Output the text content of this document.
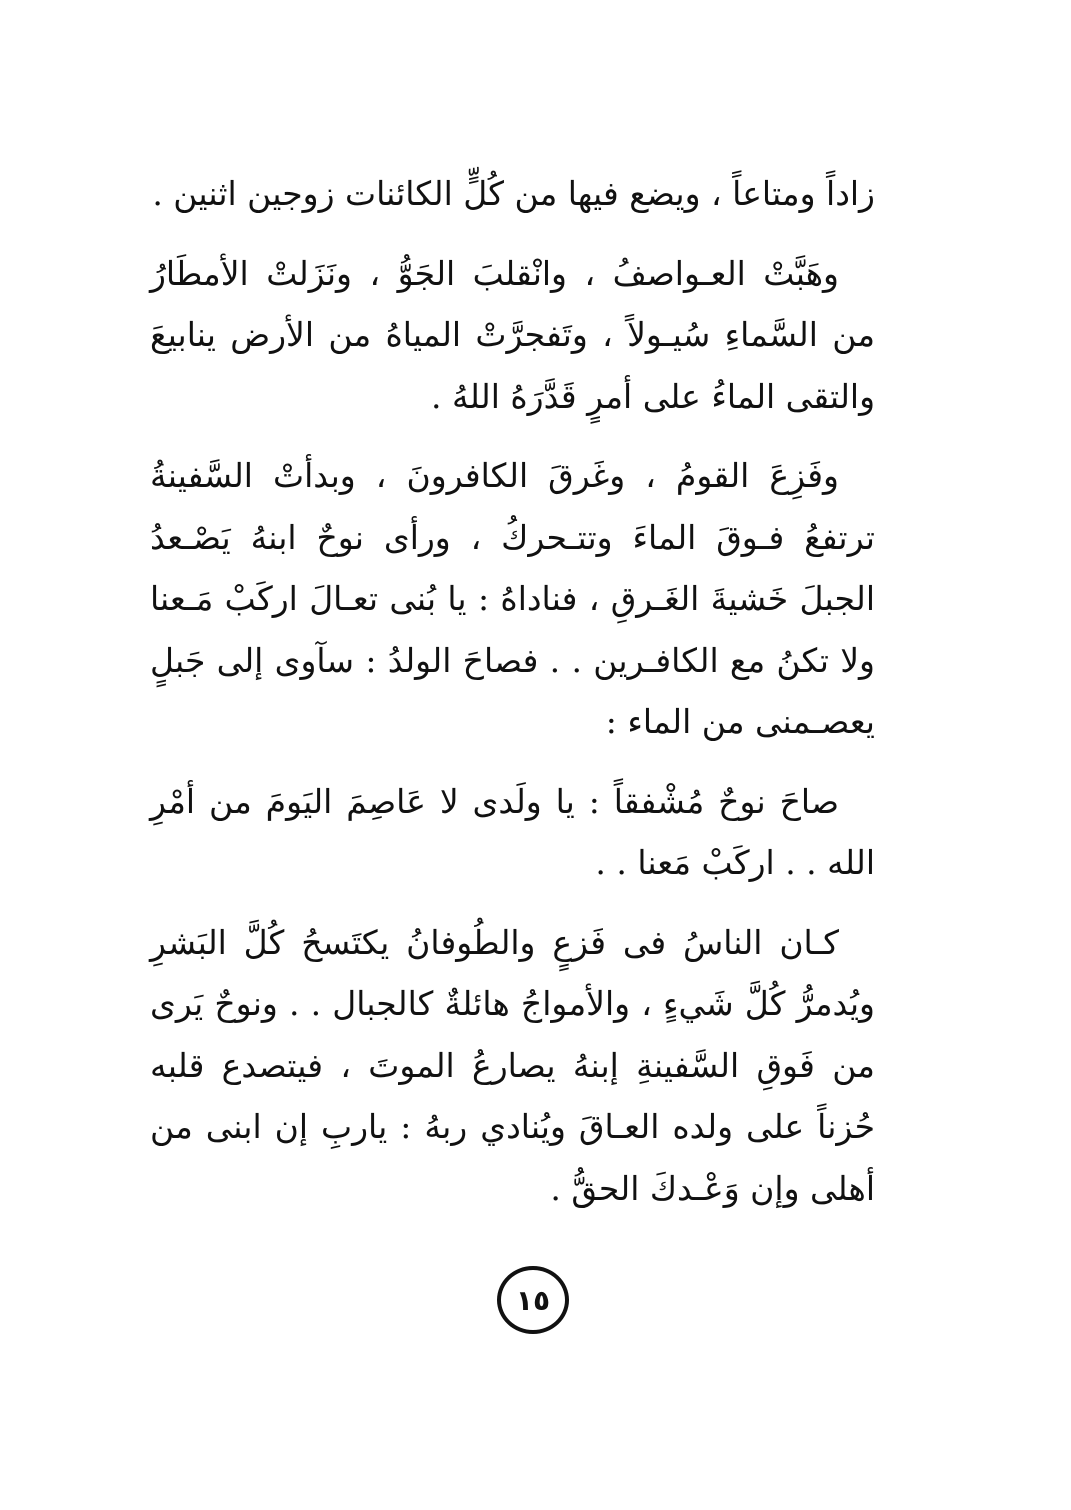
زاداً ومتاعاً ، ويضع فيها من كُلٍّ الكائنات زوجين اثنين .

وهَبَّتْ العـواصفُ ، وانْقلبَ الجَوُّ ، ونَزَلتْ الأمطَارُ من السَّماءِ سُيـولاً ، وتَفجرَّتْ المياهُ من الأرض ينابيعَ والتقى الماءُ على أمرٍ قَدَّرَهُ اللهُ .

وفَزِعَ القومُ ، وغَرقَ الكافرونَ ، وبدأتْ السَّفينةُ ترتفعُ فـوقَ الماءَ وتتـحركُ ، ورأى نوحٌ ابنهُ يَصْـعدُ الجبلَ خَشيةَ الغَـرقِ ، فناداهُ : يا بُنى تعـالَ اركَبْ مَـعنا ولا تكنُ مع الكافـرين . . فصاحَ الولدُ : سآوى إلى جَبلٍ يعصـمنى من الماء :

صاحَ نوحٌ مُشْفقاً : يا ولَدى لا عَاصِمَ اليَومَ من أمْرِ الله . . اركَبْ مَعنا . .

كـان الناسُ فى فَزعٍ والطُوفانُ يكتَسحُ كُلَّ البَشرِ ويُدمرُّ كُلَّ شَيءٍ ، والأمواجُ هائلةٌ كالجبال . . ونوحٌ يَرى من فَوقِ السَّفينةِ إبنهُ يصارعُ الموتَ ، فيتصدع قلبه حُزناً على ولده العـاقَ ويُنادي ربهُ : ياربِ إن ابنى من أهلى وإن وَعْـدكَ الحقُّ .

١٥
